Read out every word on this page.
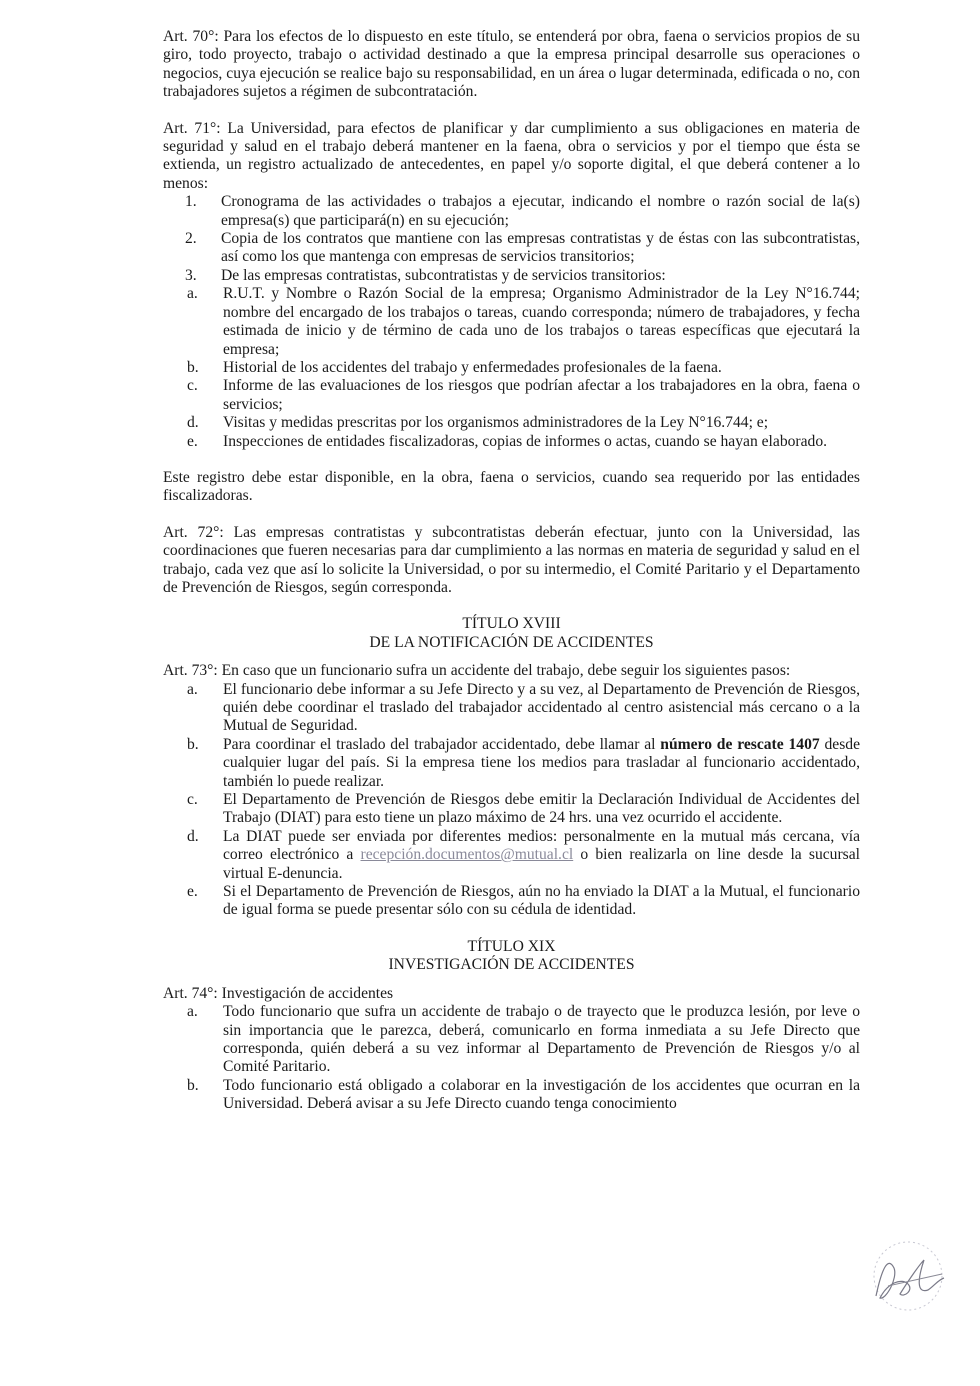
Art. 70°: Para los efectos de lo dispuesto en este título, se entenderá por obra, faena o servicios propios de su giro, todo proyecto, trabajo o actividad destinado a que la empresa principal desarrolle sus operaciones o negocios, cuya ejecución se realice bajo su responsabilidad, en un área o lugar determinada, edificada o no, con trabajadores sujetos a régimen de subcontratación.

Art. 71°: La Universidad, para efectos de planificar y dar cumplimiento a sus obligaciones en materia de seguridad y salud en el trabajo deberá mantener en la faena, obra o servicios y por el tiempo que ésta se extienda, un registro actualizado de antecedentes, en papel y/o soporte digital, el que deberá contener a lo menos:

1.	Cronograma de las actividades o trabajos a ejecutar, indicando el nombre o razón social de la(s) empresa(s) que participará(n) en su ejecución;
2.	Copia de los contratos que mantiene con las empresas contratistas y de éstas con las subcontratistas, así como los que mantenga con empresas de servicios transitorios;
3.	De las empresas contratistas, subcontratistas y de servicios transitorios:
a.	R.U.T. y Nombre o Razón Social de la empresa; Organismo Administrador de la Ley N°16.744; nombre del encargado de los trabajos o tareas, cuando corresponda; número de trabajadores, y fecha estimada de inicio y de término de cada uno de los trabajos o tareas específicas que ejecutará la empresa;
b.	Historial de los accidentes del trabajo y enfermedades profesionales de la faena.
c.	Informe de las evaluaciones de los riesgos que podrían afectar a los trabajadores en la obra, faena o servicios;
d.	Visitas y medidas prescritas por los organismos administradores de la Ley N°16.744; e;
e.	Inspecciones de entidades fiscalizadoras, copias de informes o actas, cuando se hayan elaborado.

Este registro debe estar disponible, en la obra, faena o servicios, cuando sea requerido por las entidades fiscalizadoras.

Art. 72°: Las empresas contratistas y subcontratistas deberán efectuar, junto con la Universidad, las coordinaciones que fueren necesarias para dar cumplimiento a las normas en materia de seguridad y salud en el trabajo, cada vez que así lo solicite la Universidad, o por su intermedio, el Comité Paritario y el Departamento de Prevención de Riesgos, según corresponda.

TÍTULO XVIII

DE LA NOTIFICACIÓN DE ACCIDENTES

Art. 73°: En caso que un funcionario sufra un accidente del trabajo, debe seguir los siguientes pasos:

a.	El funcionario debe informar a su Jefe Directo y a su vez, al Departamento de Prevención de Riesgos, quién debe coordinar el traslado del trabajador accidentado al centro asistencial más cercano o a la Mutual de Seguridad.
b.	Para coordinar el traslado del trabajador accidentado, debe llamar al número de rescate 1407 desde cualquier lugar del país. Si la empresa tiene los medios para trasladar al funcionario accidentado, también lo puede realizar.
c.	El Departamento de Prevención de Riesgos debe emitir la Declaración Individual de Accidentes del Trabajo (DIAT) para esto tiene un plazo máximo de 24 hrs. una vez ocurrido el accidente.
d.	La DIAT puede ser enviada por diferentes medios: personalmente en la mutual más cercana, vía correo electrónico a recepción.documentos@mutual.cl o bien realizarla on line desde la sucursal virtual E-denuncia.
e.	Si el Departamento de Prevención de Riesgos, aún no ha enviado la DIAT a la Mutual, el funcionario de igual forma se puede presentar sólo con su cédula de identidad.

TÍTULO XIX

INVESTIGACIÓN DE ACCIDENTES

Art. 74°: Investigación de accidentes

a.	Todo funcionario que sufra un accidente de trabajo o de trayecto que le produzca lesión, por leve o sin importancia que le parezca, deberá, comunicarlo en forma inmediata a su Jefe Directo que corresponda, quién deberá a su vez informar al Departamento de Prevención de Riesgos y/o al Comité Paritario.
b.	Todo funcionario está obligado a colaborar en la investigación de los accidentes que ocurran en la Universidad. Deberá avisar a su Jefe Directo cuando tenga conocimiento
